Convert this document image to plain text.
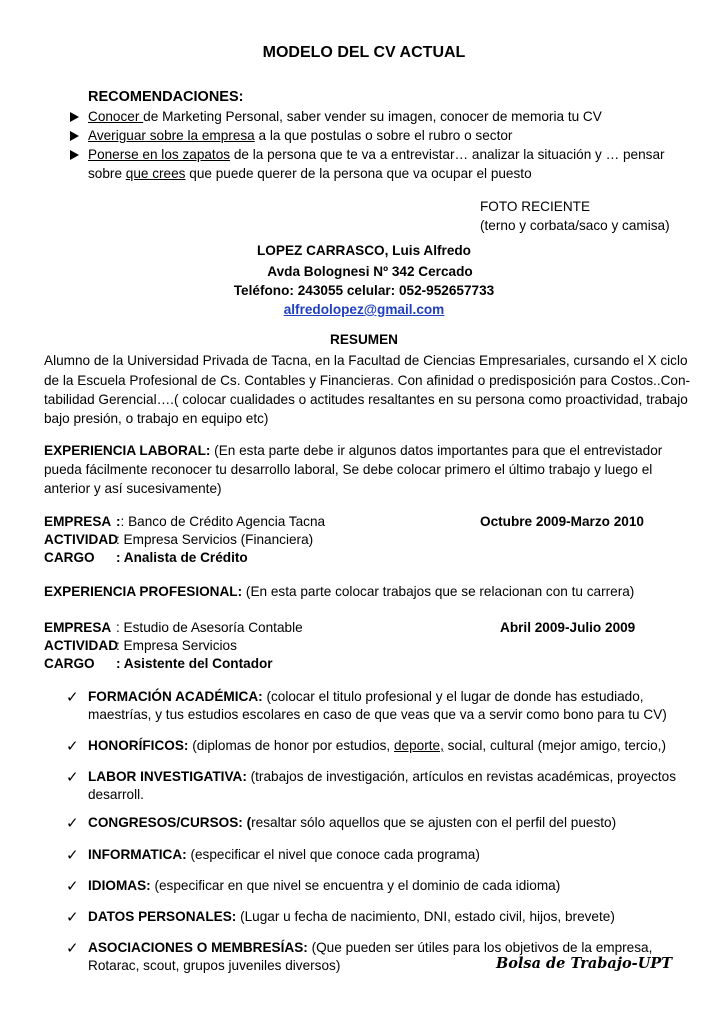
MODELO DEL CV ACTUAL
RECOMENDACIONES:
Conocer de Marketing Personal, saber vender su imagen, conocer de memoria tu CV
Averiguar sobre la empresa a la que postulas o sobre el rubro o sector
Ponerse en los zapatos de la persona que te va a entrevistar… analizar la situación y … pensar
sobre que crees que puede querer de la persona que va ocupar el puesto
FOTO RECIENTE
(terno y corbata/saco y camisa)
LOPEZ CARRASCO, Luis Alfredo
Avda Bolognesi Nº 342 Cercado
Teléfono: 243055 celular: 052-952657733
alfredolopez@gmail.com
RESUMEN
Alumno de la Universidad Privada de Tacna, en la Facultad de Ciencias Empresariales, cursando el X ciclo
de la Escuela Profesional de Cs. Contables y Financieras. Con afinidad o predisposición para Costos..Con-
tabilidad Gerencial….( colocar cualidades o actitudes resaltantes en su persona como proactividad, trabajo
bajo presión, o trabajo en equipo etc)
EXPERIENCIA LABORAL: (En esta parte debe ir algunos datos importantes para que el entrevistador
pueda fácilmente reconocer tu desarrollo laboral, Se debe colocar primero el último trabajo y luego el
anterior y así sucesivamente)
EMPRESA :: Banco de Crédito Agencia Tacna	Octubre 2009-Marzo 2010
ACTIVIDAD
: Empresa Servicios (Financiera)
CARGO : Analista de Crédito
EXPERIENCIA PROFESIONAL: (En esta parte colocar trabajos que se relacionan con tu carrera)
EMPRESA : Estudio de Asesoría Contable	Abril 2009-Julio 2009
ACTIVIDAD
: Empresa Servicios
CARGO : Asistente del Contador
✓ FORMACIÓN ACADÉMICA: (colocar el titulo profesional y el lugar de donde has estudiado,
maestrías, y tus estudios escolares en caso de que veas que va a servir como bono para tu CV)
✓ HONORÍFICOS: (diplomas de honor por estudios, deporte, social, cultural (mejor amigo, tercio,)
✓ LABOR INVESTIGATIVA: (trabajos de investigación, artículos en revistas académicas, proyectos
desarroll.
✓ CONGRESOS/CURSOS: (resaltar sólo aquellos que se ajusten con el perfil del puesto)
✓ INFORMATICA: (especificar el nivel que conoce cada programa)
✓ IDIOMAS: (especificar en que nivel se encuentra y el dominio de cada idioma)
✓ DATOS PERSONALES: (Lugar u fecha de nacimiento, DNI, estado civil, hijos, brevete)
✓ ASOCIACIONES O MEMBRESÍAS: (Que pueden ser útiles para los objetivos de la empresa,
Rotarac, scout, grupos juveniles diversos)	Bolsa de Trabajo-UPT
